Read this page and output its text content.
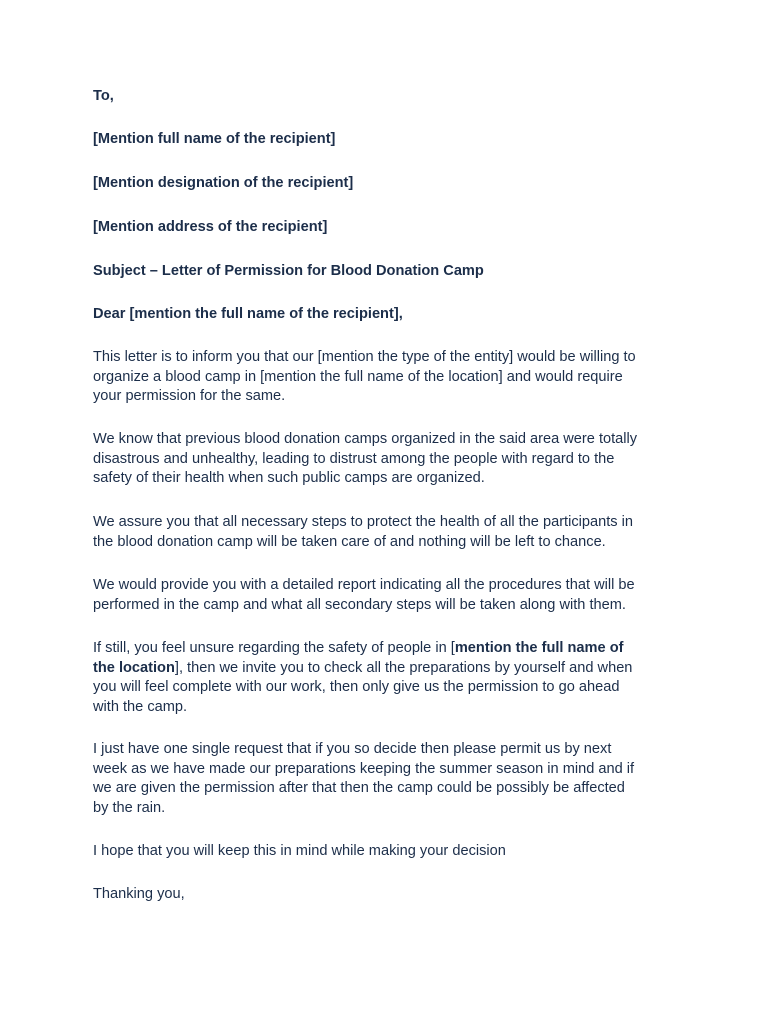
To,

[Mention full name of the recipient]

[Mention designation of the recipient]

[Mention address of the recipient]

Subject – Letter of Permission for Blood Donation Camp

Dear [mention the full name of the recipient],

This letter is to inform you that our [mention the type of the entity] would be willing to
organize a blood camp in [mention the full name of the location] and would require
your permission for the same.
We know that previous blood donation camps organized in the said area were totally
disastrous and unhealthy, leading to distrust among the people with regard to the
safety of their health when such public camps are organized.
We assure you that all necessary steps to protect the health of all the participants in
the blood donation camp will be taken care of and nothing will be left to chance.
We would provide you with a detailed report indicating all the procedures that will be
performed in the camp and what all secondary steps will be taken along with them.
If still, you feel unsure regarding the safety of people in [mention the full name of
the location], then we invite you to check all the preparations by yourself and when
you will feel complete with our work, then only give us the permission to go ahead
with the camp.
I just have one single request that if you so decide then please permit us by next
week as we have made our preparations keeping the summer season in mind and if
we are given the permission after that then the camp could be possibly be affected
by the rain.
I hope that you will keep this in mind while making your decision

Thanking you,
